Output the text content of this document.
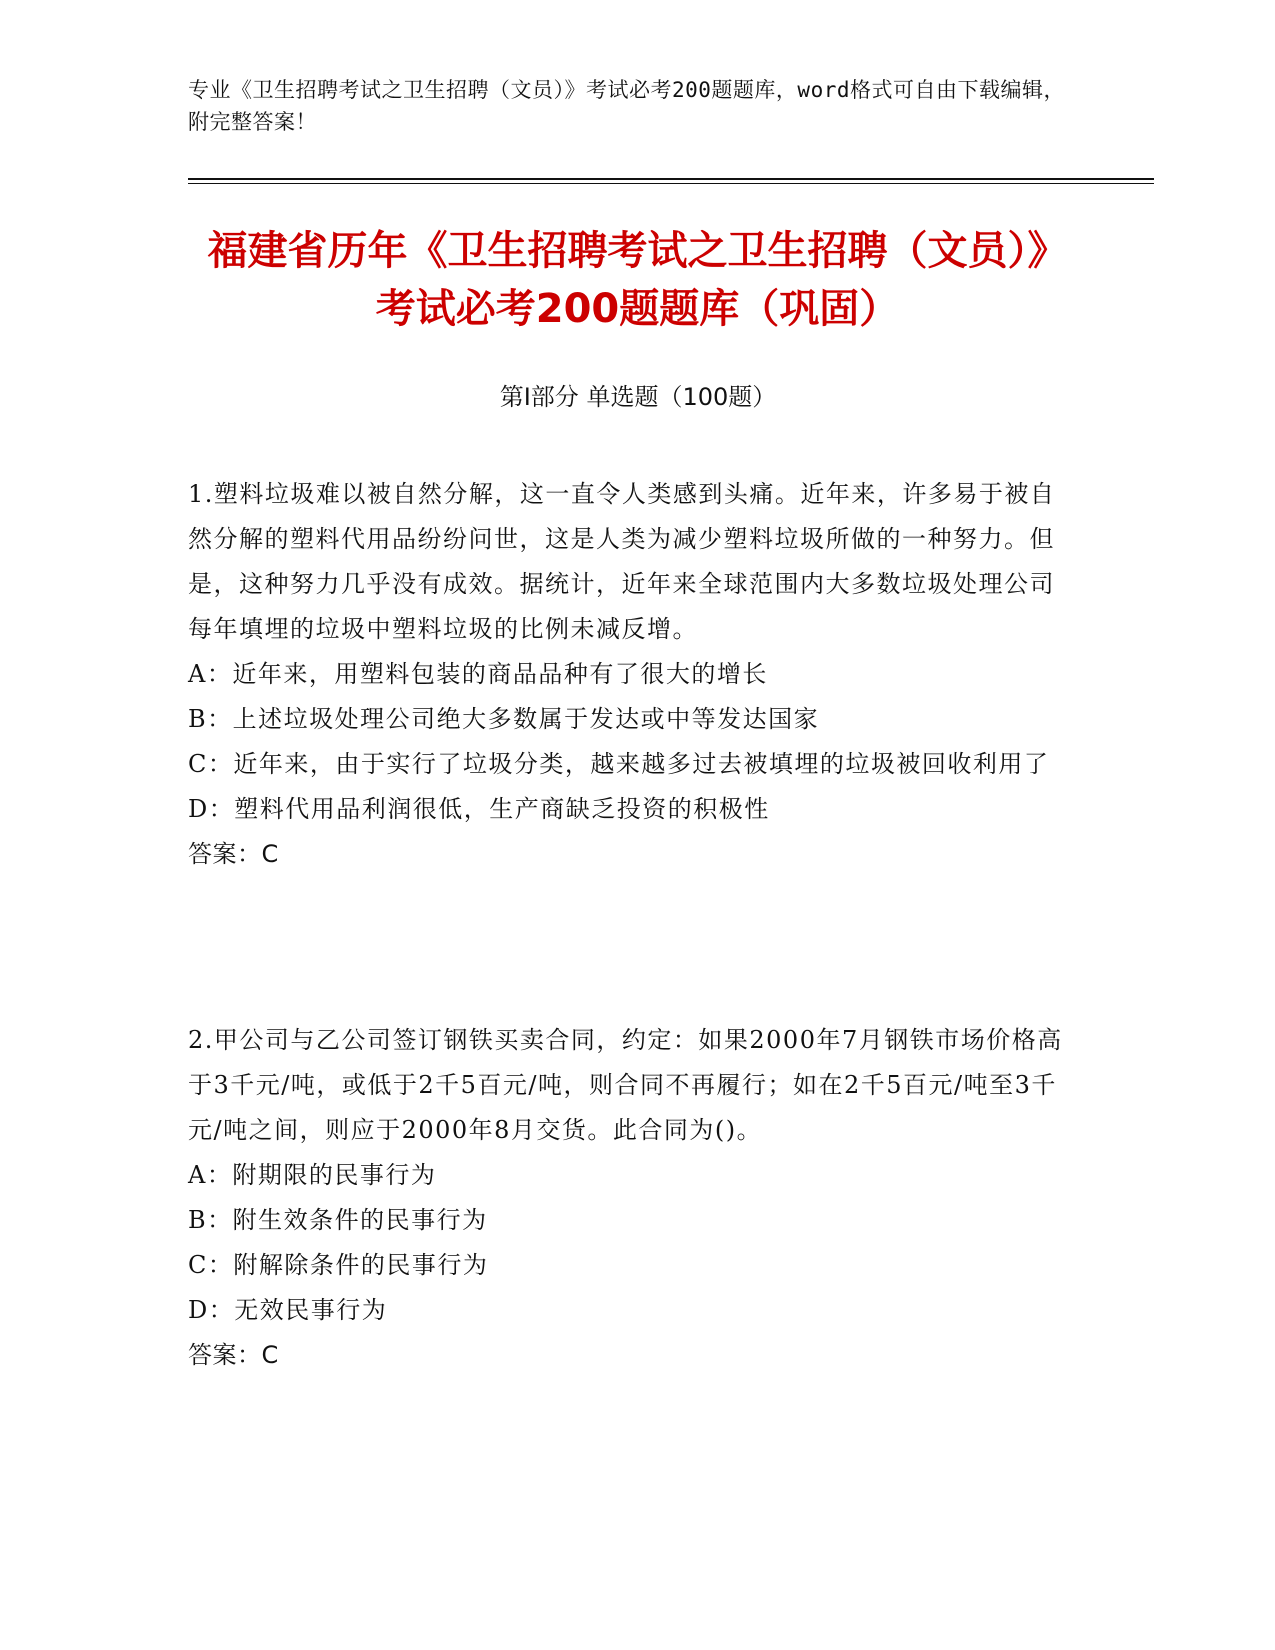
专业《卫生招聘考试之卫生招聘（文员）》考试必考200题题库，word格式可自由下载编辑，附完整答案！
福建省历年《卫生招聘考试之卫生招聘（文员）》考试必考200题题库（巩固）
第Ⅰ部分 单选题（100题）

1.塑料垃圾难以被自然分解，这一直令人类感到头痛。近年来，许多易于被自然分解的塑料代用品纷纷问世，这是人类为减少塑料垃圾所做的一种努力。但是，这种努力几乎没有成效。据统计，近年来全球范围内大多数垃圾处理公司每年填埋的垃圾中塑料垃圾的比例未减反增。

A：近年来，用塑料包装的商品品种有了很大的增长

B：上述垃圾处理公司绝大多数属于发达或中等发达国家

C：近年来，由于实行了垃圾分类，越来越多过去被填埋的垃圾被回收利用了

D：塑料代用品利润很低，生产商缺乏投资的积极性

答案：C

2.甲公司与乙公司签订钢铁买卖合同，约定：如果2000年7月钢铁市场价格高于3千元/吨，或低于2千5百元/吨，则合同不再履行；如在2千5百元/吨至3千元/吨之间，则应于2000年8月交货。此合同为()。

A：附期限的民事行为

B：附生效条件的民事行为

C：附解除条件的民事行为

D：无效民事行为

答案：C
